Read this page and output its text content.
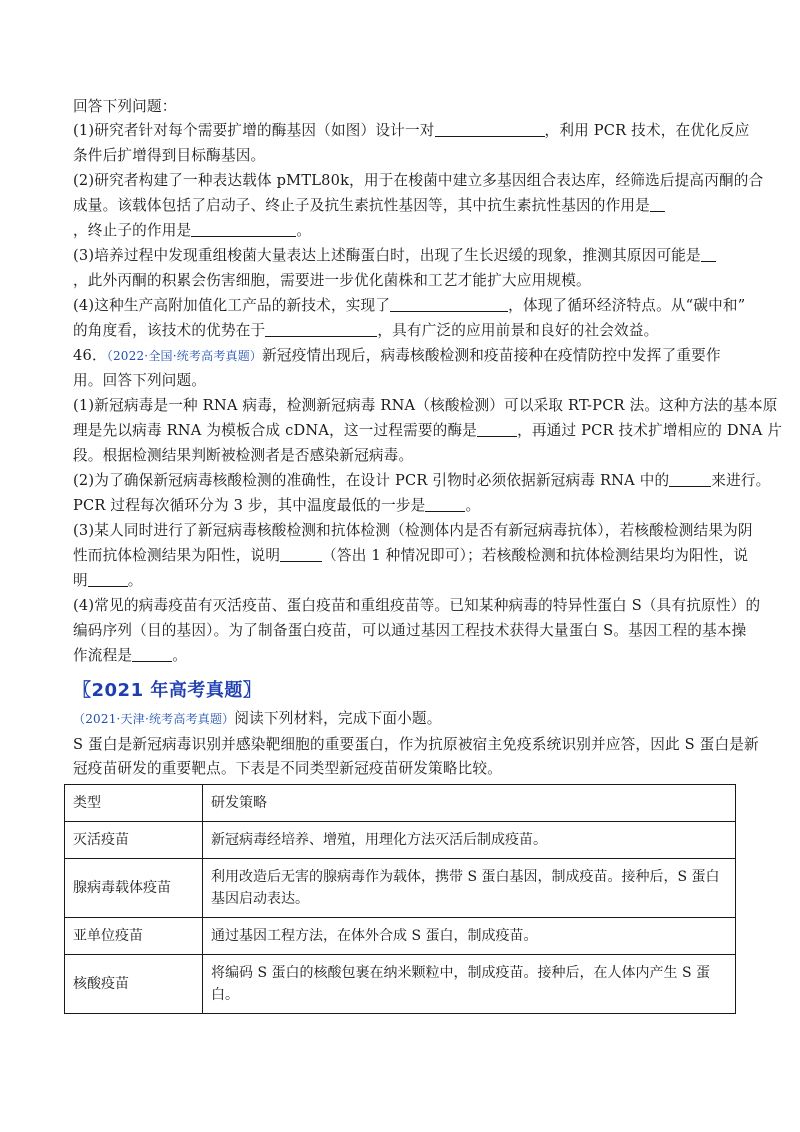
回答下列问题：
(1)研究者针对每个需要扩增的酶基因（如图）设计一对	，利用 PCR 技术，在优化反应
条件后扩增得到目标酶基因。
(2)研究者构建了一种表达载体 pMTL80k，用于在梭菌中建立多基因组合表达库，经筛选后提高丙酮的合
成量。该载体包括了启动子、终止子及抗生素抗性基因等，其中抗生素抗性基因的作用是
，终止子的作用是	。
(3)培养过程中发现重组梭菌大量表达上述酶蛋白时，出现了生长迟缓的现象，推测其原因可能是
，此外丙酮的积累会伤害细胞，需要进一步优化菌株和工艺才能扩大应用规模。
(4)这种生产高附加值化工产品的新技术，实现了	，体现了循环经济特点。从“碳中和”
的角度看，该技术的优势在于	，具有广泛的应用前景和良好的社会效益。
46．（2022·全国·统考高考真题）新冠疫情出现后，病毒核酸检测和疫苗接种在疫情防控中发挥了重要作
用。回答下列问题。
(1)新冠病毒是一种 RNA 病毒，检测新冠病毒 RNA（核酸检测）可以采取 RT-PCR 法。这种方法的基本原
理是先以病毒 RNA 为模板合成 cDNA，这一过程需要的酶是	，再通过 PCR 技术扩增相应的 DNA 片
段。根据检测结果判断被检测者是否感染新冠病毒。
(2)为了确保新冠病毒核酸检测的准确性，在设计 PCR 引物时必须依据新冠病毒 RNA 中的	来进行。
PCR 过程每次循环分为 3 步，其中温度最低的一步是	。
(3)某人同时进行了新冠病毒核酸检测和抗体检测（检测体内是否有新冠病毒抗体），若核酸检测结果为阴
性而抗体检测结果为阳性，说明	（答出 1 种情况即可）；若核酸检测和抗体检测结果均为阳性，说
明	。
(4)常见的病毒疫苗有灭活疫苗、蛋白疫苗和重组疫苗等。已知某种病毒的特异性蛋白 S（具有抗原性）的
编码序列（目的基因）。为了制备蛋白疫苗，可以通过基因工程技术获得大量蛋白 S。基因工程的基本操
作流程是	。
〖2021 年高考真题〗
（2021·天津·统考高考真题）阅读下列材料，完成下面小题。
S 蛋白是新冠病毒识别并感染靶细胞的重要蛋白，作为抗原被宿主免疫系统识别并应答，因此 S 蛋白是新
冠疫苗研发的重要靶点。下表是不同类型新冠疫苗研发策略比较。
类型	研发策略
灭活疫苗	新冠病毒经培养、增殖，用理化方法灭活后制成疫苗。
腺病毒载体疫苗	利用改造后无害的腺病毒作为载体，携带 S 蛋白基因，制成疫苗。接种后，S 蛋白基因启动表达。
亚单位疫苗	通过基因工程方法，在体外合成 S 蛋白，制成疫苗。
核酸疫苗	将编码 S 蛋白的核酸包裹在纳米颗粒中，制成疫苗。接种后，在人体内产生 S 蛋白。
